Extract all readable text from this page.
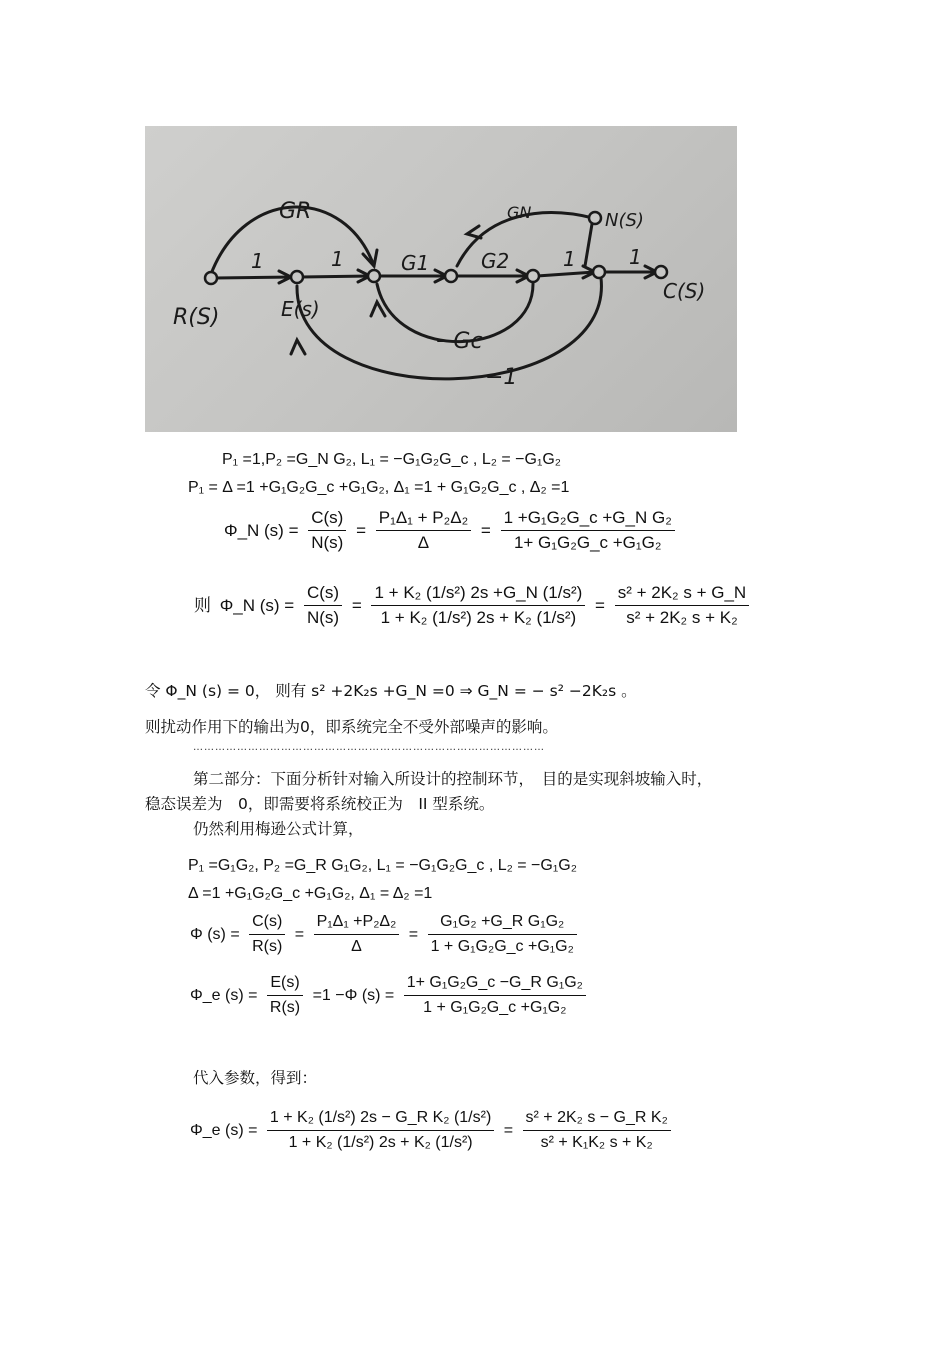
R(S)	E(s)
C(S)
N(S)
GR	GN
G1	G2
1	1	1	1
−Gc
−1
P₁ =1,P₂ =G_N G₂, L₁ = −G₁G₂G_c , L₂ = −G₁G₂
P₁ = Δ =1 +G₁G₂G_c +G₁G₂, Δ₁ =1 + G₁G₂G_c , Δ₂ =1
Φ_N $(s) = \frac{C(s)}{N(s)} = \frac{\text{P₁Δ₁ + P₂Δ₂}}{\Delta} = \frac{\text{1 +G₁G₂G\_c +G\_N G₂}}{\text{1+ G₁G₂G\_c +G₁G₂}}$
则 Φ_N $(s) = \frac{C(s)}{N(s)} = \frac{\text{1 + K₂ (1/s²) 2s +G\_N (1/s²)}}{\text{1 + K₂ (1/s²) 2s + K₂ (1/s²)}} = \frac{\text{s² + 2K₂ s + G\_N}}{\text{s² + 2K₂ s + K₂}}$
令 Φ_N (s) = 0， 则有 s² +2K₂s +G_N =0 ⇒ G_N = − s² −2K₂s 。
则扰动作用下的输出为0，即系统完全不受外部噪声的影响。
……………………………………………………………………………………
第二部分：下面分析针对输入所设计的控制环节，　目的是实现斜坡输入时，
稳态误差为　0，即需要将系统校正为　II 型系统。
仍然利用梅逊公式计算，
P₁ =G₁G₂, P₂ =G_R G₁G₂, L₁ = −G₁G₂G_c , L₂ = −G₁G₂
Δ =1 +G₁G₂G_c +G₁G₂, Δ₁ = Δ₂ =1
Φ $(s) = \frac{C(s)}{R(s)} = \frac{\text{P₁Δ₁ +P₂Δ₂}}{\Delta} = \frac{\text{G₁G₂ +G\_R G₁G₂}}{\text{1 + G₁G₂G\_c +G₁G₂}}$
Φ_e $(s) = \frac{E(s)}{R(s)} =1 -\Phi$ $(s) = \frac{\text{1+ G₁G₂G\_c −G\_R G₁G₂}}{\text{1 + G₁G₂G\_c +G₁G₂}}$
代入参数，得到：
Φ_e $(s) = \frac{\text{1 + K₂ (1/s²) 2s − G\_R K₂ (1/s²)}}{\text{1 + K₂ (1/s²) 2s + K₂ (1/s²)}} = \frac{\text{s² + 2K₂ s − G\_R K₂}}{\text{s² + K₁K₂ s + K₂}}$
